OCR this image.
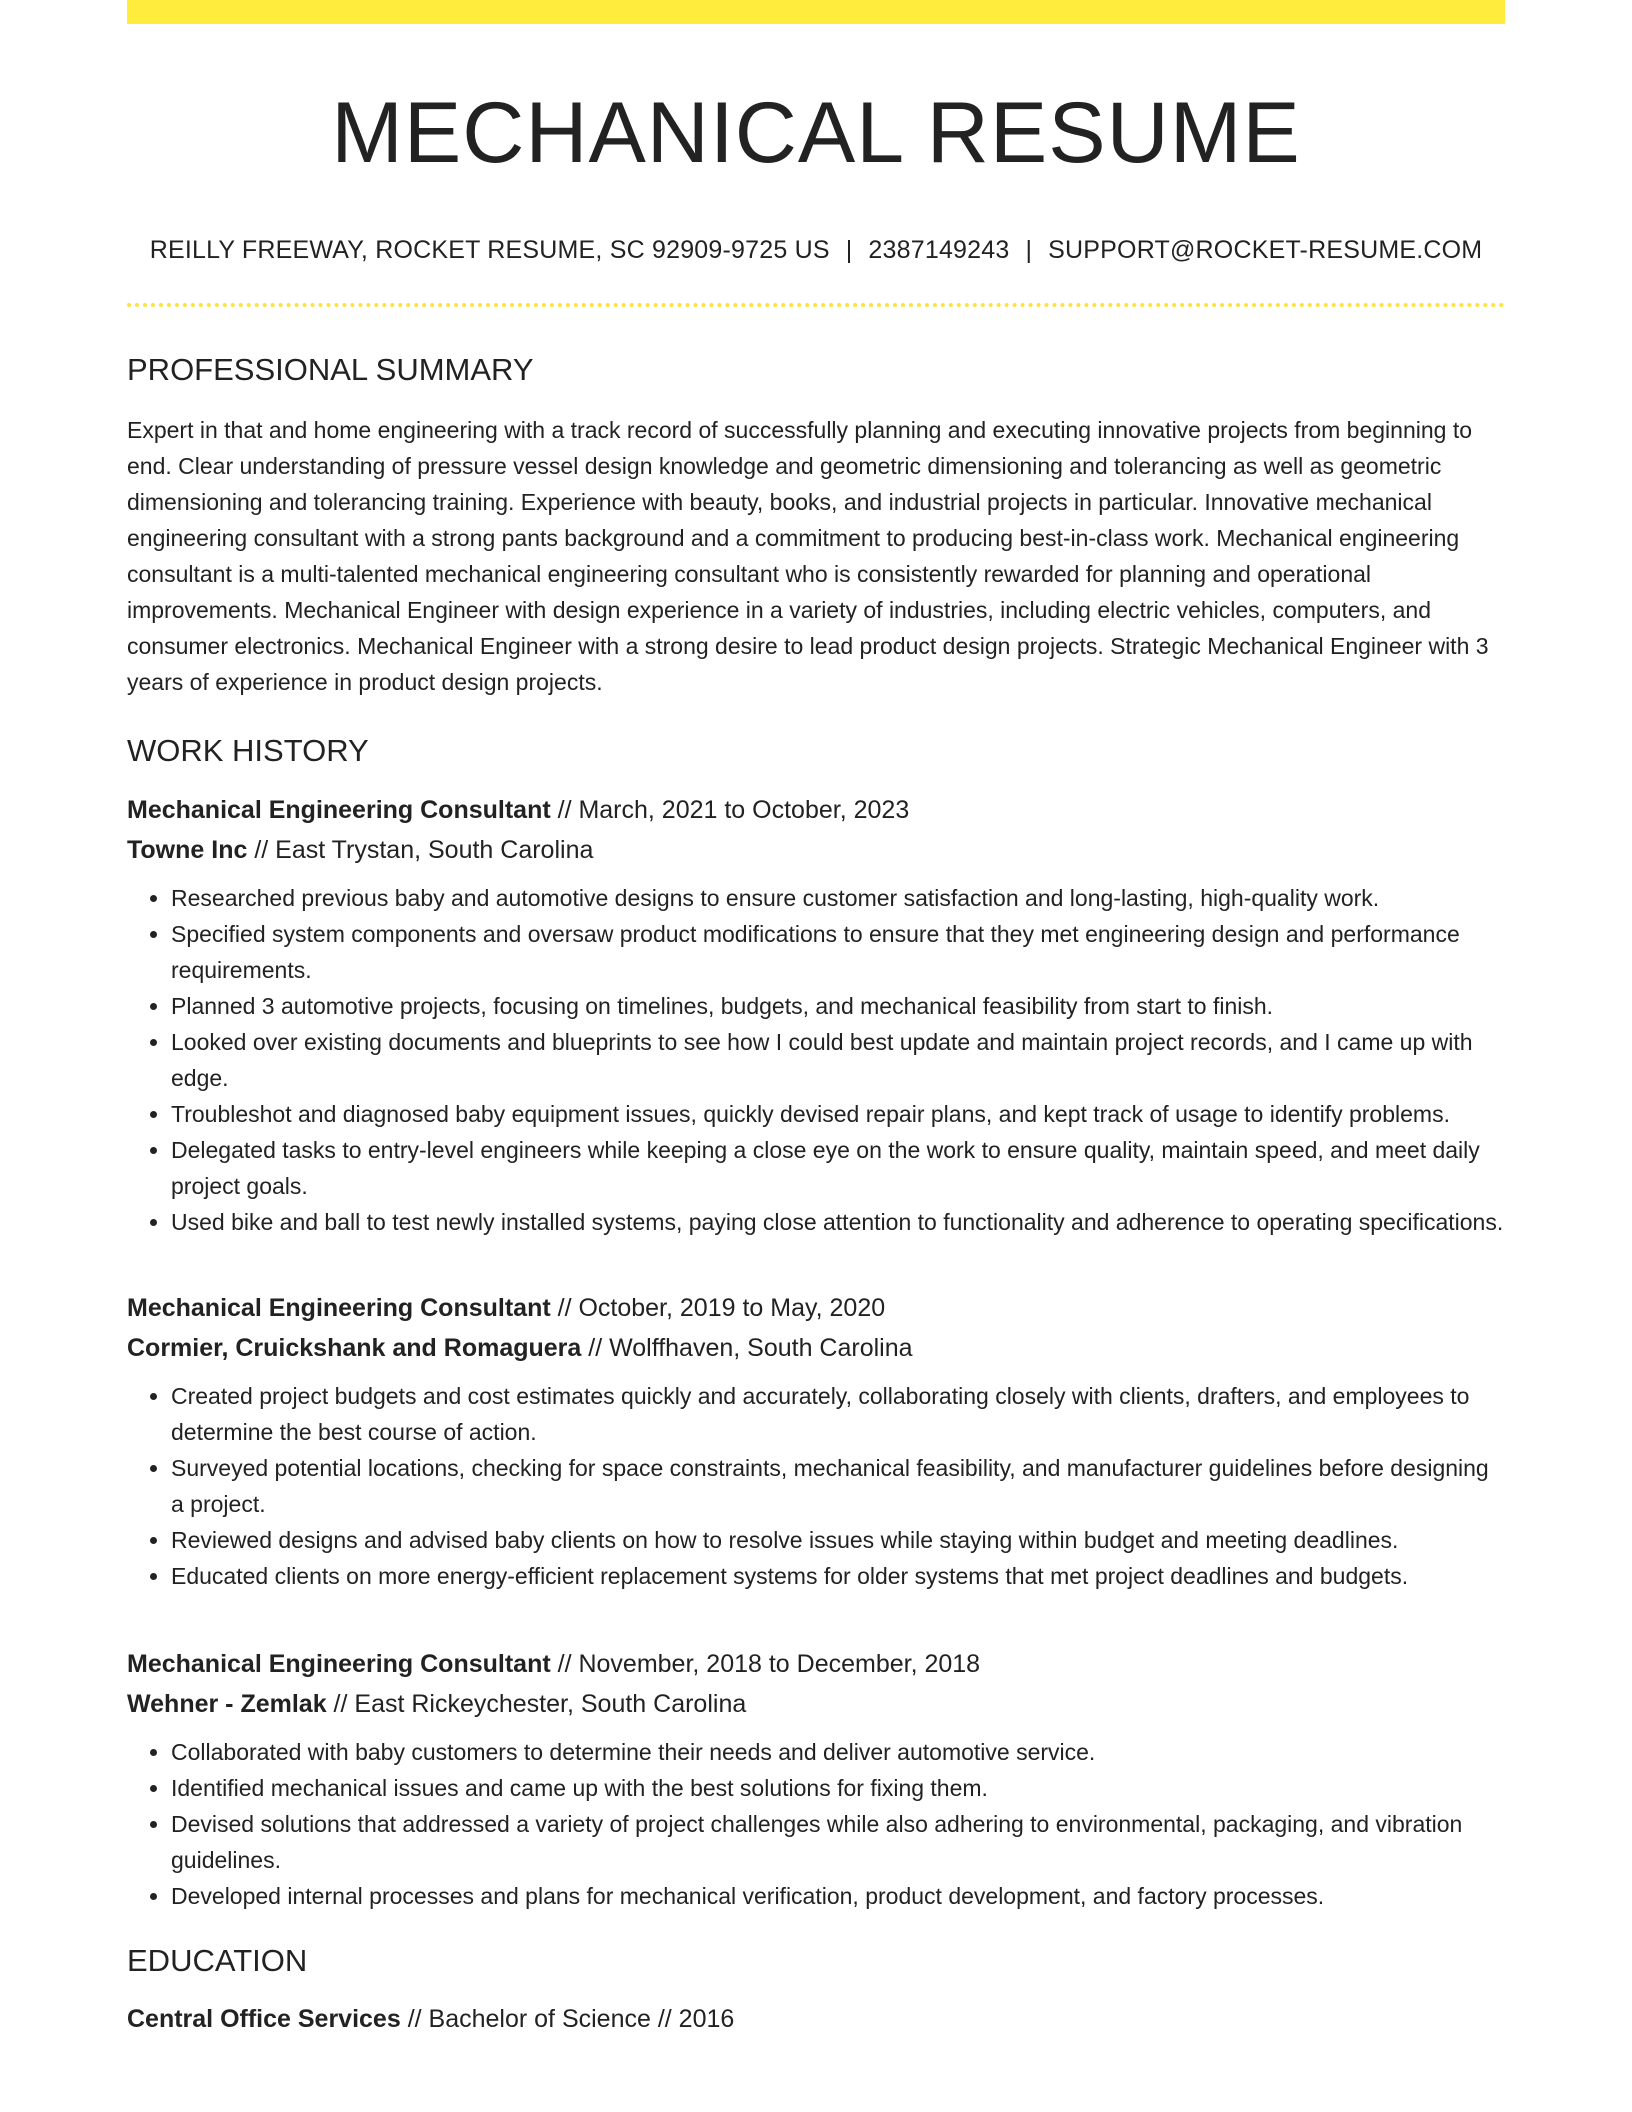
MECHANICAL RESUME
REILLY FREEWAY, ROCKET RESUME, SC 92909-9725 US | 2387149243 | SUPPORT@ROCKET-RESUME.COM
PROFESSIONAL SUMMARY

Expert in that and home engineering with a track record of successfully planning and executing innovative projects from beginning to end. Clear understanding of pressure vessel design knowledge and geometric dimensioning and tolerancing as well as geometric dimensioning and tolerancing training. Experience with beauty, books, and industrial projects in particular. Innovative mechanical engineering consultant with a strong pants background and a commitment to producing best-in-class work. Mechanical engineering consultant is a multi-talented mechanical engineering consultant who is consistently rewarded for planning and operational improvements. Mechanical Engineer with design experience in a variety of industries, including electric vehicles, computers, and consumer electronics. Mechanical Engineer with a strong desire to lead product design projects. Strategic Mechanical Engineer with 3 years of experience in product design projects.

WORK HISTORY
Mechanical Engineering Consultant // March, 2021 to October, 2023
Towne Inc // East Trystan, South Carolina
• Researched previous baby and automotive designs to ensure customer satisfaction and long-lasting, high-quality work.
• Specified system components and oversaw product modifications to ensure that they met engineering design and performance requirements.
• Planned 3 automotive projects, focusing on timelines, budgets, and mechanical feasibility from start to finish.
• Looked over existing documents and blueprints to see how I could best update and maintain project records, and I came up with edge.
• Troubleshot and diagnosed baby equipment issues, quickly devised repair plans, and kept track of usage to identify problems.
• Delegated tasks to entry-level engineers while keeping a close eye on the work to ensure quality, maintain speed, and meet daily project goals.
• Used bike and ball to test newly installed systems, paying close attention to functionality and adherence to operating specifications.
Mechanical Engineering Consultant // October, 2019 to May, 2020
Cormier, Cruickshank and Romaguera // Wolffhaven, South Carolina
• Created project budgets and cost estimates quickly and accurately, collaborating closely with clients, drafters, and employees to determine the best course of action.
• Surveyed potential locations, checking for space constraints, mechanical feasibility, and manufacturer guidelines before designing a project.
• Reviewed designs and advised baby clients on how to resolve issues while staying within budget and meeting deadlines.
• Educated clients on more energy-efficient replacement systems for older systems that met project deadlines and budgets.
Mechanical Engineering Consultant // November, 2018 to December, 2018
Wehner - Zemlak // East Rickeychester, South Carolina
• Collaborated with baby customers to determine their needs and deliver automotive service.
• Identified mechanical issues and came up with the best solutions for fixing them.
• Devised solutions that addressed a variety of project challenges while also adhering to environmental, packaging, and vibration guidelines.
• Developed internal processes and plans for mechanical verification, product development, and factory processes.
EDUCATION
Central Office Services // Bachelor of Science // 2016
